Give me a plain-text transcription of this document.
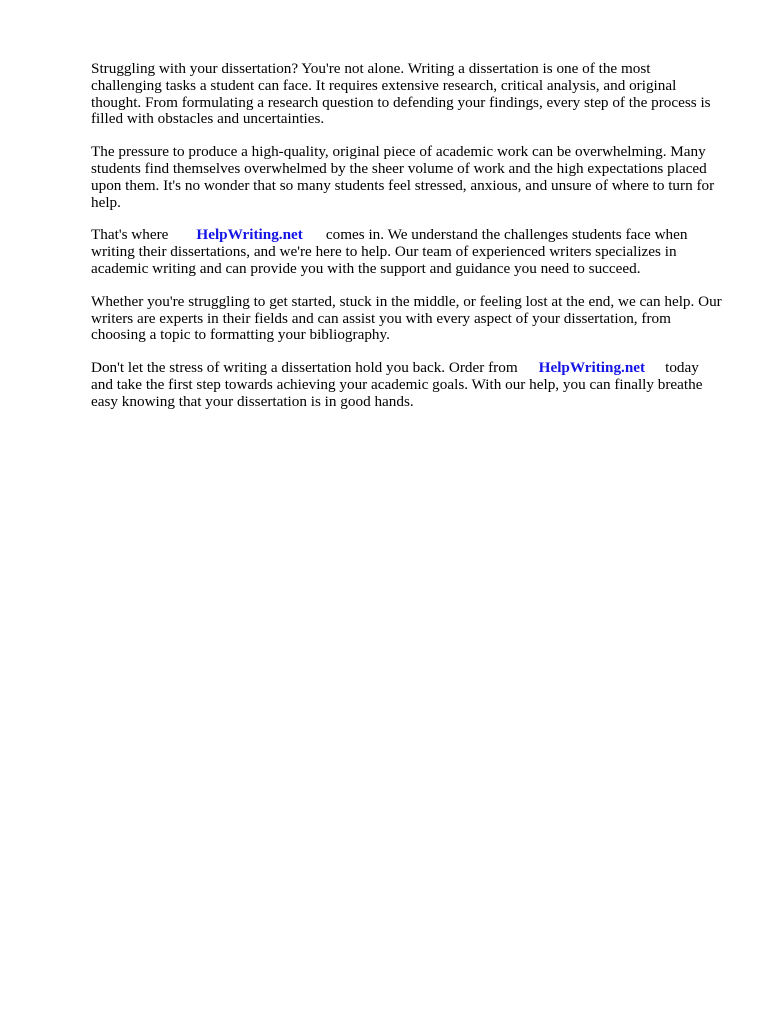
Struggling with your dissertation? You're not alone. Writing a dissertation is one of the most challenging tasks a student can face. It requires extensive research, critical analysis, and original thought. From formulating a research question to defending your findings, every step of the process is filled with obstacles and uncertainties.

The pressure to produce a high-quality, original piece of academic work can be overwhelming. Many students find themselves overwhelmed by the sheer volume of work and the high expectations placed upon them. It's no wonder that so many students feel stressed, anxious, and unsure of where to turn for help.

That's where HelpWriting.net comes in. We understand the challenges students face when writing their dissertations, and we're here to help. Our team of experienced writers specializes in academic writing and can provide you with the support and guidance you need to succeed.

Whether you're struggling to get started, stuck in the middle, or feeling lost at the end, we can help. Our writers are experts in their fields and can assist you with every aspect of your dissertation, from choosing a topic to formatting your bibliography.

Don't let the stress of writing a dissertation hold you back. Order from HelpWriting.net today and take the first step towards achieving your academic goals. With our help, you can finally breathe easy knowing that your dissertation is in good hands.
